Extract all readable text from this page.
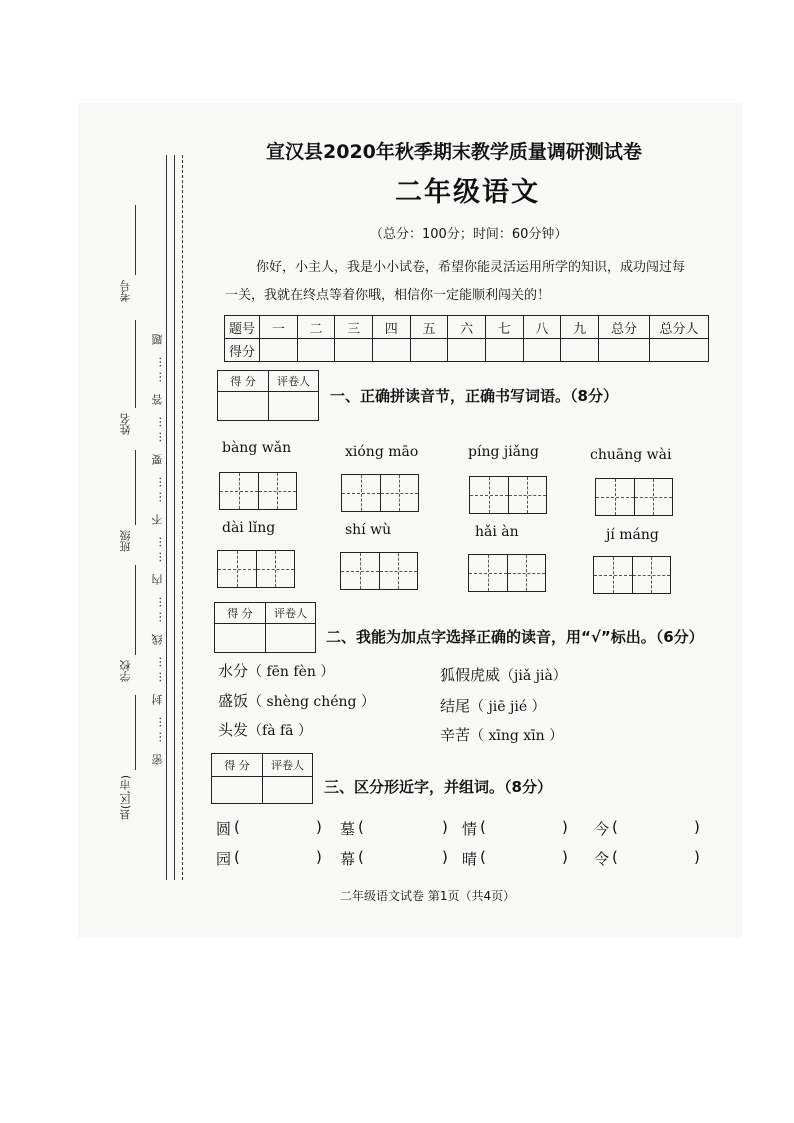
密 …… 封 …… 线 …… 内 …… 不 …… 要 …… 答 …… 题
考号
姓名
班级
学校
县(区,市)
宣汉县2020年秋季期末教学质量调研测试卷
二年级语文
（总分：100分；时间：60分钟）
你好，小主人，我是小小试卷，希望你能灵活运用所学的知识，成功闯过每
一关，我就在终点等着你哦，相信你一定能顺利闯关的！
题号	一	二	三	四	五	六	七	八	九	总分	总分人
得分											
得 分	评卷人

一、正确拼读音节，正确书写词语。（8分）
bàng wǎn	xióng māo	píng jiǎng	chuāng wài
dài lǐng	shí wù	hǎi àn	jí máng
得 分	评卷人

二、我能为加点字选择正确的读音，用“√”标出。（6分）
水分（ fēn fèn ）	狐假虎威（jiǎ jià）
盛饭（ shèng chéng ）	结尾（ jiē jié ）
头发（fà fā ）	辛苦（ xīng xīn ）
得 分	评卷人

三、区分形近字，并组词。（8分）
圆 (	) 墓 (	) 情 (	) 今 (	)
园 (	) 幕 (	) 晴 (	) 令 (	)
二年级语文试卷 第1页（共4页）
